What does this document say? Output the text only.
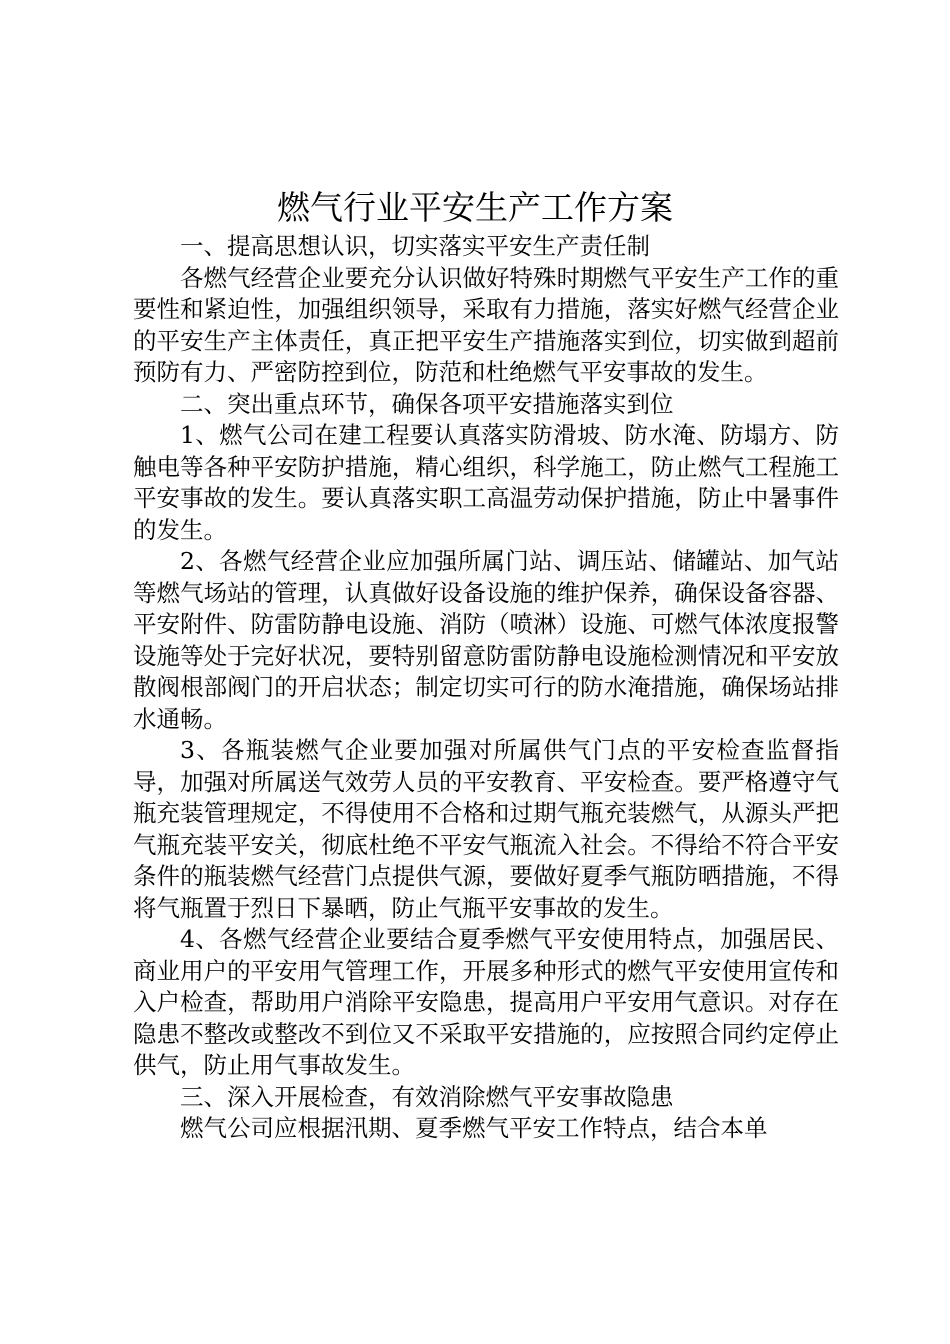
燃气行业平安生产工作方案

一、提高思想认识，切实落实平安生产责任制

各燃气经营企业要充分认识做好特殊时期燃气平安生产工作的重要性和紧迫性，加强组织领导，采取有力措施，落实好燃气经营企业的平安生产主体责任，真正把平安生产措施落实到位，切实做到超前预防有力、严密防控到位，防范和杜绝燃气平安事故的发生。

二、突出重点环节，确保各项平安措施落实到位

1、燃气公司在建工程要认真落实防滑坡、防水淹、防塌方、防触电等各种平安防护措施，精心组织，科学施工，防止燃气工程施工平安事故的发生。要认真落实职工高温劳动保护措施，防止中暑事件的发生。

2、各燃气经营企业应加强所属门站、调压站、储罐站、加气站等燃气场站的管理，认真做好设备设施的维护保养，确保设备容器、平安附件、防雷防静电设施、消防（喷淋）设施、可燃气体浓度报警设施等处于完好状况，要特别留意防雷防静电设施检测情况和平安放散阀根部阀门的开启状态；制定切实可行的防水淹措施，确保场站排水通畅。

3、各瓶装燃气企业要加强对所属供气门点的平安检查监督指导，加强对所属送气效劳人员的平安教育、平安检查。要严格遵守气瓶充装管理规定，不得使用不合格和过期气瓶充装燃气，从源头严把气瓶充装平安关，彻底杜绝不平安气瓶流入社会。不得给不符合平安条件的瓶装燃气经营门点提供气源，要做好夏季气瓶防晒措施，不得将气瓶置于烈日下暴晒，防止气瓶平安事故的发生。

4、各燃气经营企业要结合夏季燃气平安使用特点，加强居民、商业用户的平安用气管理工作，开展多种形式的燃气平安使用宣传和入户检查，帮助用户消除平安隐患，提高用户平安用气意识。对存在隐患不整改或整改不到位又不采取平安措施的，应按照合同约定停止供气，防止用气事故发生。

三、深入开展检查，有效消除燃气平安事故隐患

燃气公司应根据汛期、夏季燃气平安工作特点，结合本单
